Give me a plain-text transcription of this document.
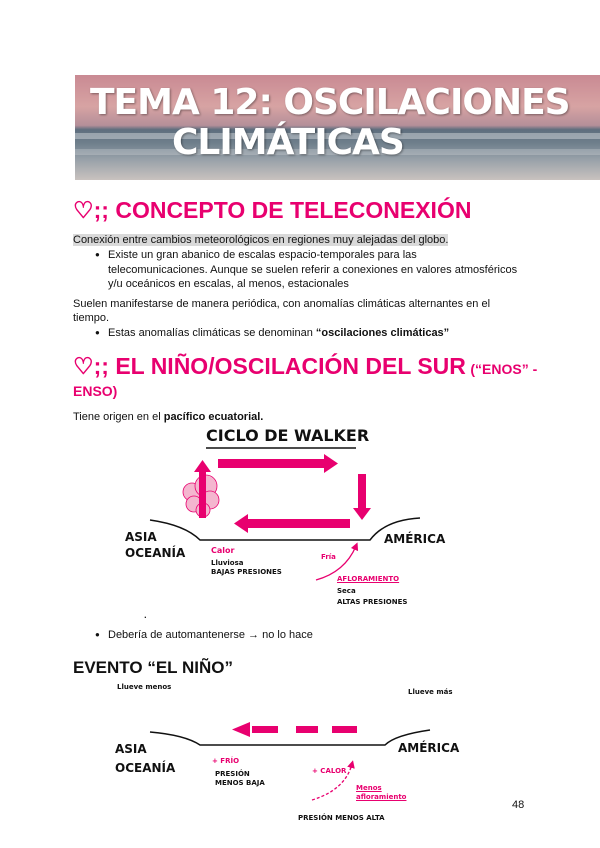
TEMA 12: OSCILACIONES
CLIMÁTICAS
♡;; CONCEPTO DE TELECONEXIÓN
Conexión entre cambios meteorológicos en regiones muy alejadas del globo.
● Existe un gran abanico de escalas espacio-temporales para las telecomunicaciones. Aunque se suelen referir a conexiones en valores atmosféricos y/u oceánicos en escalas, al menos, estacionales
Suelen manifestarse de manera periódica, con anomalías climáticas alternantes en el tiempo.
● Estas anomalías climáticas se denominan “oscilaciones climáticas”
♡;; EL NIÑO/OSCILACIÓN DEL SUR (“ENOS” -
ENSO)
Tiene origen en el pacífico ecuatorial.
CICLO DE WALKER
ASIA
OCEANÍA
AMÉRICA
Calor
Lluviosa
BAJAS PRESIONES
Fría
AFLORAMIENTO
Seca
ALTAS PRESIONES
.
● Debería de automantenerse → no lo hace
EVENTO “EL NIÑO”
Llueve menos
Llueve más
ASIA
OCEANÍA
AMÉRICA
+ FRÍO
PRESIÓN
MENOS BAJA
+ CALOR
Menos
afloramiento
PRESIÓN MENOS ALTA
48
